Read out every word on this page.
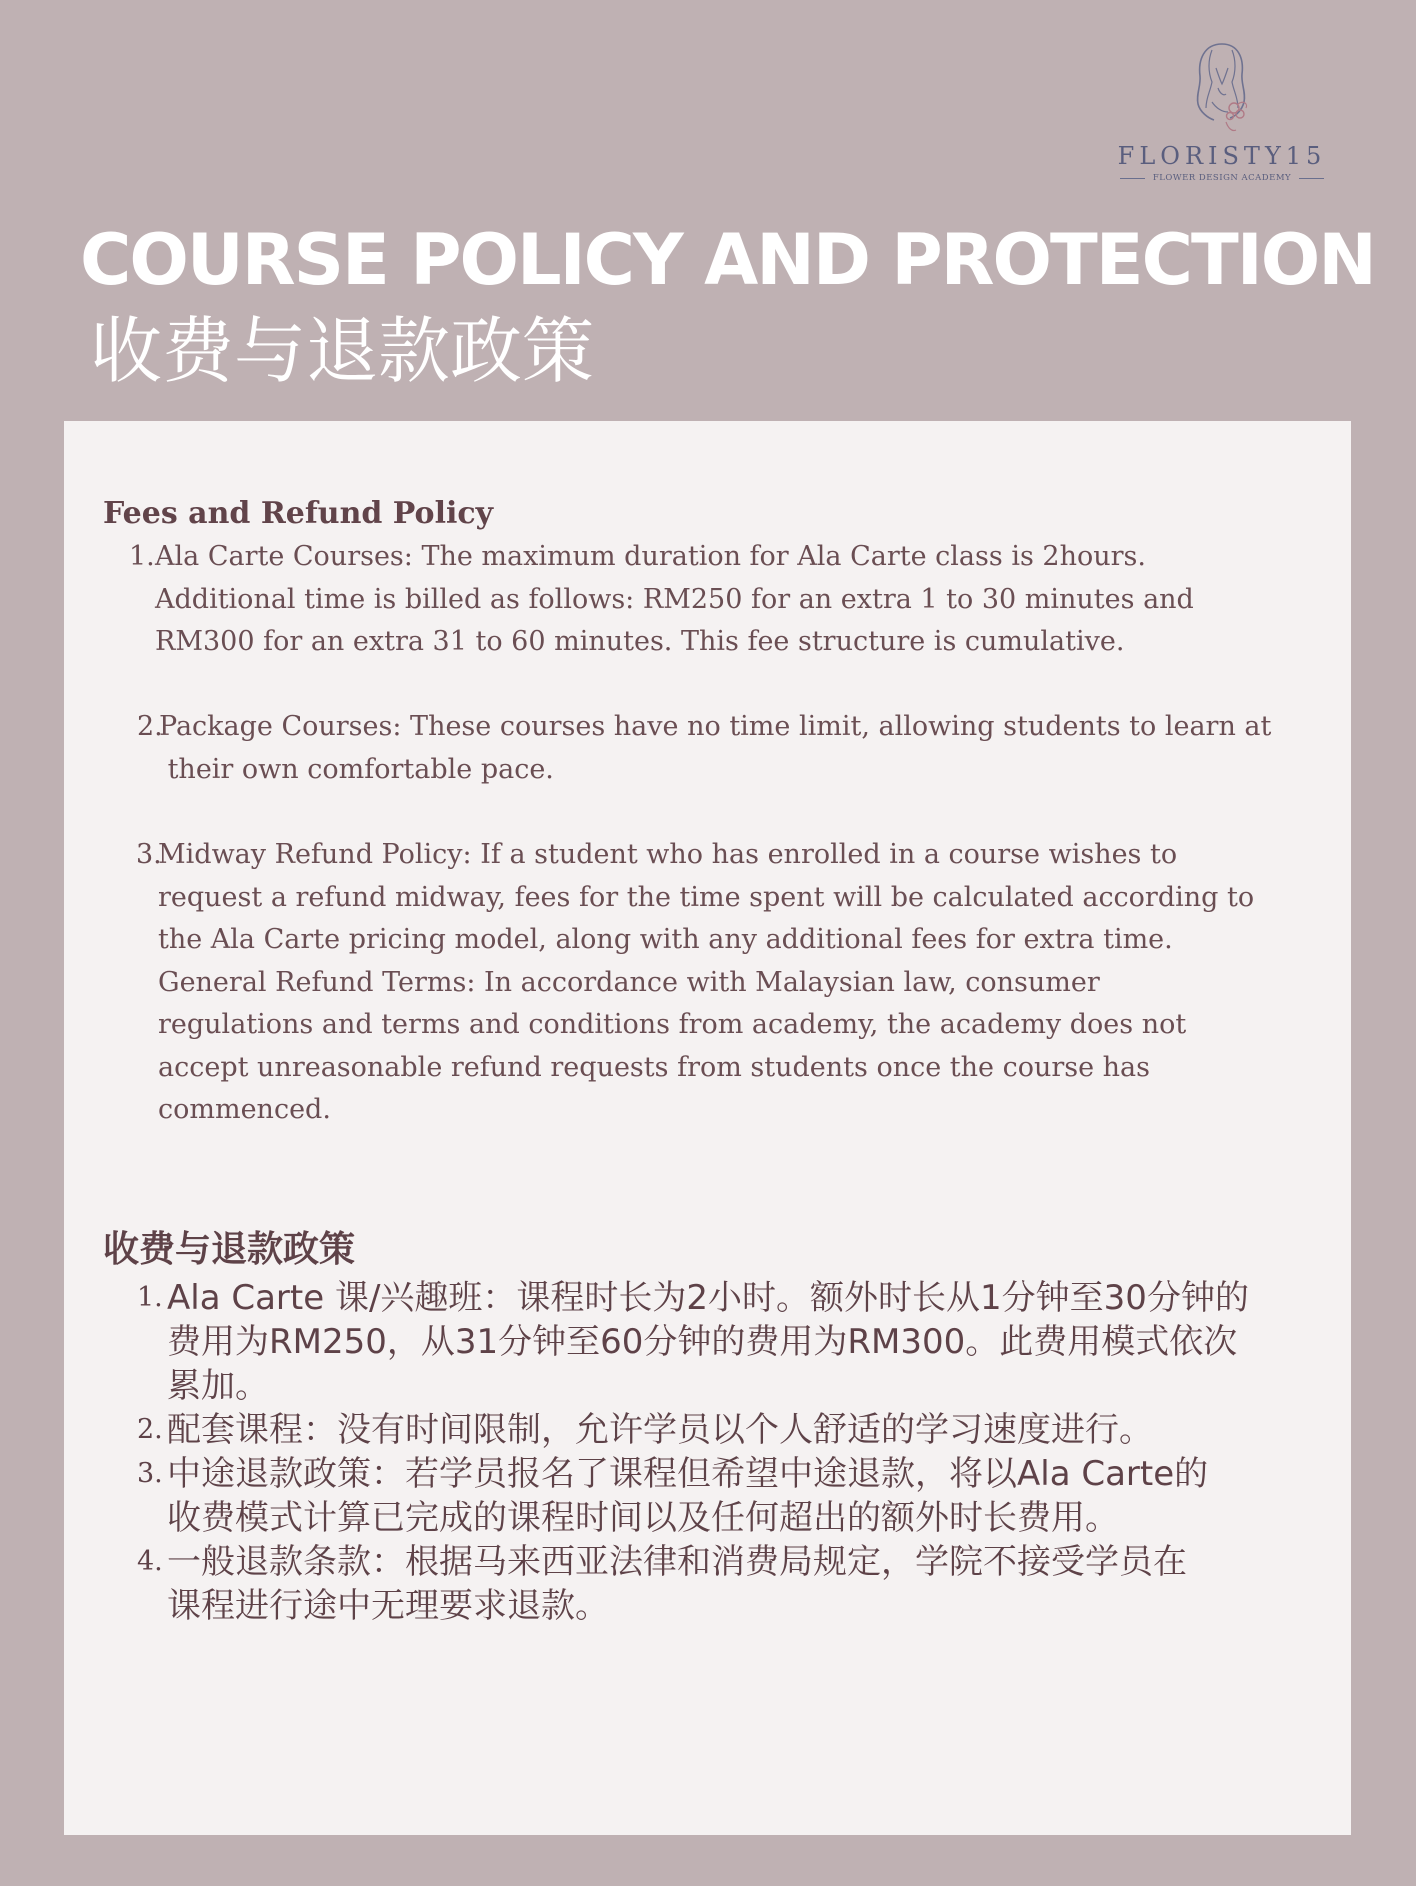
FLORISTY15
FLOWER DESIGN ACADEMY
COURSE POLICY AND PROTECTION
收费与退款政策
Fees and Refund Policy
1. Ala Carte Courses: The maximum duration for Ala Carte class is 2hours.
Additional time is billed as follows: RM250 for an extra 1 to 30 minutes and
RM300 for an extra 31 to 60 minutes. This fee structure is cumulative.
2.
Package Courses: These courses have no time limit, allowing students to learn at
their own comfortable pace.
3.
Midway Refund Policy: If a student who has enrolled in a course wishes to
request a refund midway, fees for the time spent will be calculated according to
the Ala Carte pricing model, along with any additional fees for extra time.
General Refund Terms: In accordance with Malaysian law, consumer
regulations and terms and conditions from academy, the academy does not
accept unreasonable refund requests from students once the course has
commenced.
收费与退款政策
1. Ala Carte 课/兴趣班：课程时长为2小时。额外时长从1分钟至30分钟的
费用为RM250，从31分钟至60分钟的费用为RM300。此费用模式依次
累加。
2. 配套课程：没有时间限制，允许学员以个人舒适的学习速度进行。
3. 中途退款政策：若学员报名了课程但希望中途退款，将以Ala Carte的
收费模式计算已完成的课程时间以及任何超出的额外时长费用。
4. 一般退款条款：根据马来西亚法律和消费局规定，学院不接受学员在
课程进行途中无理要求退款。
